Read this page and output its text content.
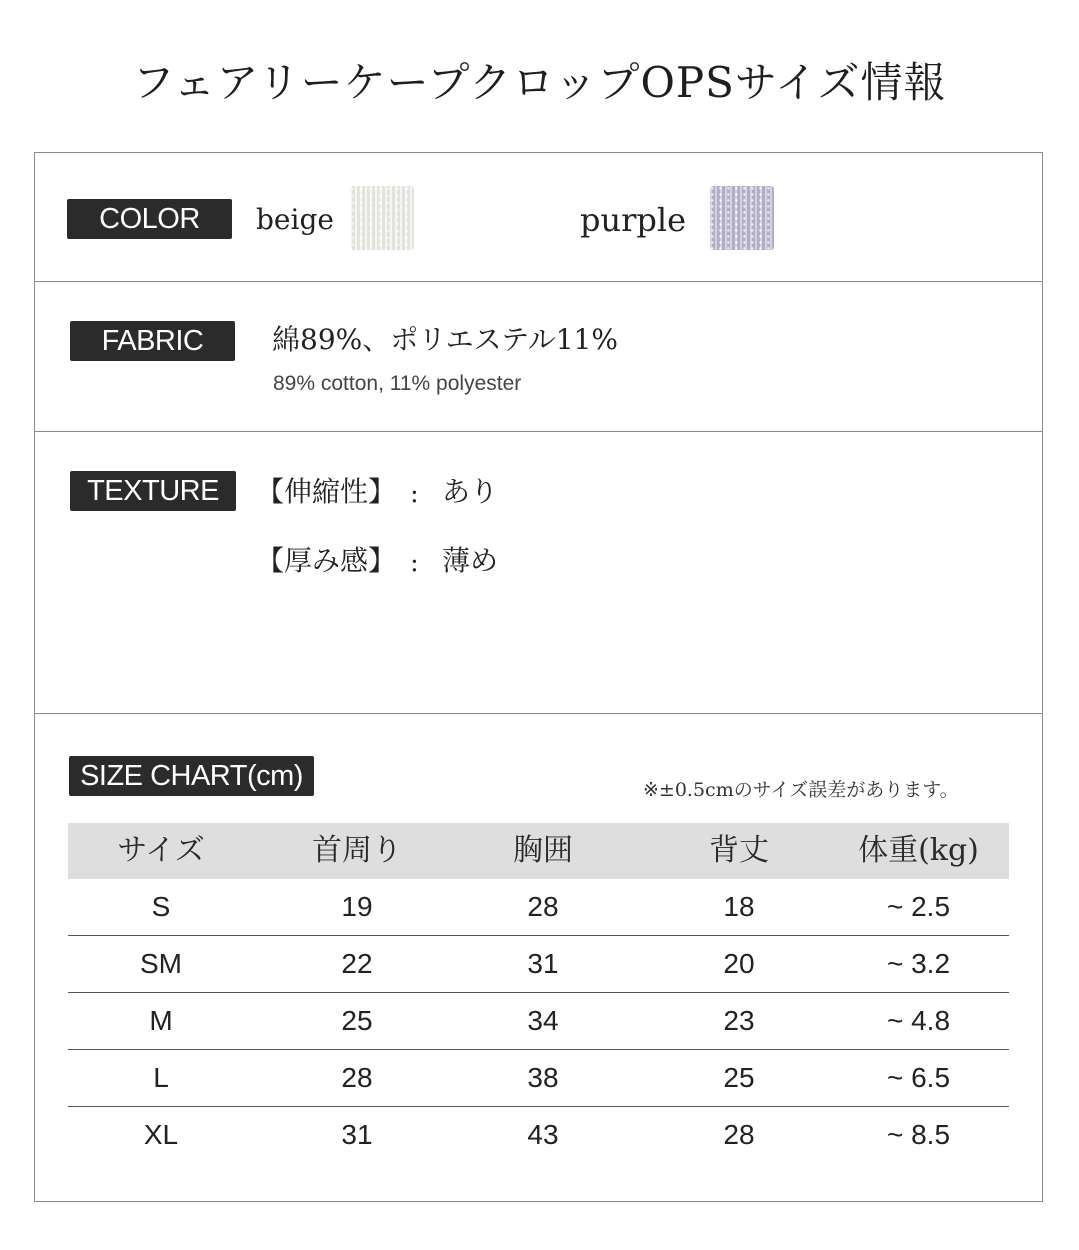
フェアリーケープクロップOPSサイズ情報
COLOR	beige	purple
FABRIC	綿89%、ポリエステル11%
89% cotton, 11% polyester
TEXTURE	【伸縮性】 : あり
【厚み感】 : 薄め
SIZE CHART(cm)	※±0.5cmのサイズ誤差があります。
サイズ	首周り	胸囲	背丈	体重(kg)
S	19	28	18	~ 2.5
SM	22	31	20	~ 3.2
M	25	34	23	~ 4.8
L	28	38	25	~ 6.5
XL	31	43	28	~ 8.5
